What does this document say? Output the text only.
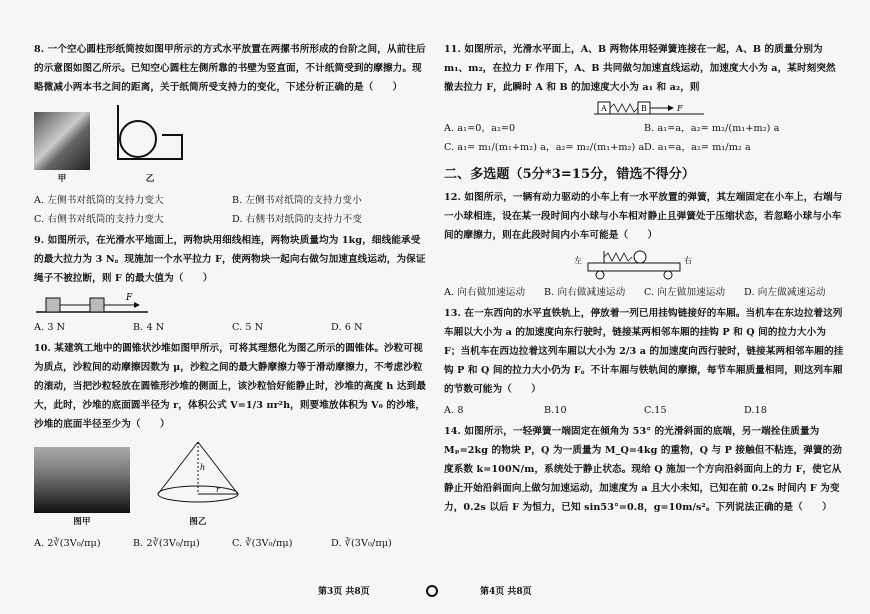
8. 一个空心圆柱形纸筒按如图甲所示的方式水平放置在两摞书所形成的台阶之间，从前往后的示意图如图乙所示。已知空心圆柱左侧所靠的书壁为竖直面，不计纸筒受到的摩擦力。现略微减小两本书之间的距离，关于纸筒所受支持力的变化，下述分析正确的是（　　）

甲	乙
A. 左侧书对纸筒的支持力变大	B. 左侧书对纸筒的支持力变小
C. 右侧书对纸筒的支持力变大	D. 右侧书对纸筒的支持力不变

9. 如图所示，在光滑水平地面上，两物块用细线相连，两物块质量均为 1kg，细线能承受的最大拉力为 3 N。现施加一个水平拉力 F，使两物块一起向右做匀加速直线运动，为保证绳子不被拉断，则 F 的最大值为（　　）

F
A. 3 N	B. 4 N	C. 5 N	D. 6 N

10. 某建筑工地中的圆锥状沙堆如图甲所示，可将其理想化为图乙所示的圆锥体。沙粒可视为质点，沙粒间的动摩擦因数为 μ，沙粒之间的最大静摩擦力等于滑动摩擦力，不考虑沙粒的滚动，当把沙粒轻放在圆锥形沙堆的侧面上，该沙粒恰好能静止时，沙堆的高度 h 达到最大，此时，沙堆的底面圆半径为 r，体积公式 V=1/3 πr²h，则要堆放体积为 V₀ 的沙堆，沙堆的底面半径至少为（　　）

图甲
h
r
图乙
A. 2∛(3V₀/πμ)	B. 2∛(3V₀/πμ)	C. ∛(3V₀/πμ)	D. ∛(3V₀/πμ)

11. 如图所示，光滑水平面上，A、B 两物体用轻弹簧连接在一起，A、B 的质量分别为 m₁、m₂，在拉力 F 作用下，A、B 共同做匀加速直线运动，加速度大小为 a，某时刻突然撤去拉力 F，此瞬时 A 和 B 的加速度大小为 a₁ 和 a₂，则

A	B	F
A. a₁=0，a₂=0	B. a₁=a，a₂= m₂/(m₁+m₂) a
C. a₁= m₁/(m₁+m₂) a，a₂= m₂/(m₁+m₂) a D. a₁=a，a₂= m₁/m₂ a
二、多选题（5分*3=15分，错选不得分）

12. 如图所示，一辆有动力驱动的小车上有一水平放置的弹簧，其左端固定在小车上，右端与一小球相连，设在某一段时间内小球与小车相对静止且弹簧处于压缩状态，若忽略小球与小车间的摩擦力，则在此段时间内小车可能是（　　）

左	右
A. 向右做加速运动	B. 向右做减速运动	C. 向左做加速运动	D. 向左做减速运动

13. 在一东西向的水平直铁轨上，停放着一列已用挂钩链接好的车厢。当机车在东边拉着这列车厢以大小为 a 的加速度向东行驶时，链接某两相邻车厢的挂钩 P 和 Q 间的拉力大小为 F；当机车在西边拉着这列车厢以大小为 2/3 a 的加速度向西行驶时，链接某两相邻车厢的挂钩 P 和 Q 间的拉力大小仍为 F。不计车厢与铁轨间的摩擦，每节车厢质量相同，则这列车厢的节数可能为（　　）

A. 8	B.10	C.15	D.18

14. 如图所示，一轻弹簧一端固定在倾角为 53° 的光滑斜面的底端，另一端拴住质量为 Mₚ=2kg 的物块 P，Q 为一质量为 M_Q=4kg 的重物，Q 与 P 接触但不粘连，弹簧的劲度系数 k=100N/m，系统处于静止状态。现给 Q 施加一个方向沿斜面向上的力 F，使它从静止开始沿斜面向上做匀加速运动，加速度为 a 且大小未知，已知在前 0.2s 时间内 F 为变力，0.2s 以后 F 为恒力，已知 sin53°=0.8，g=10m/s²。下列说法正确的是（　　）

第3页 共8页	第4页 共8页
